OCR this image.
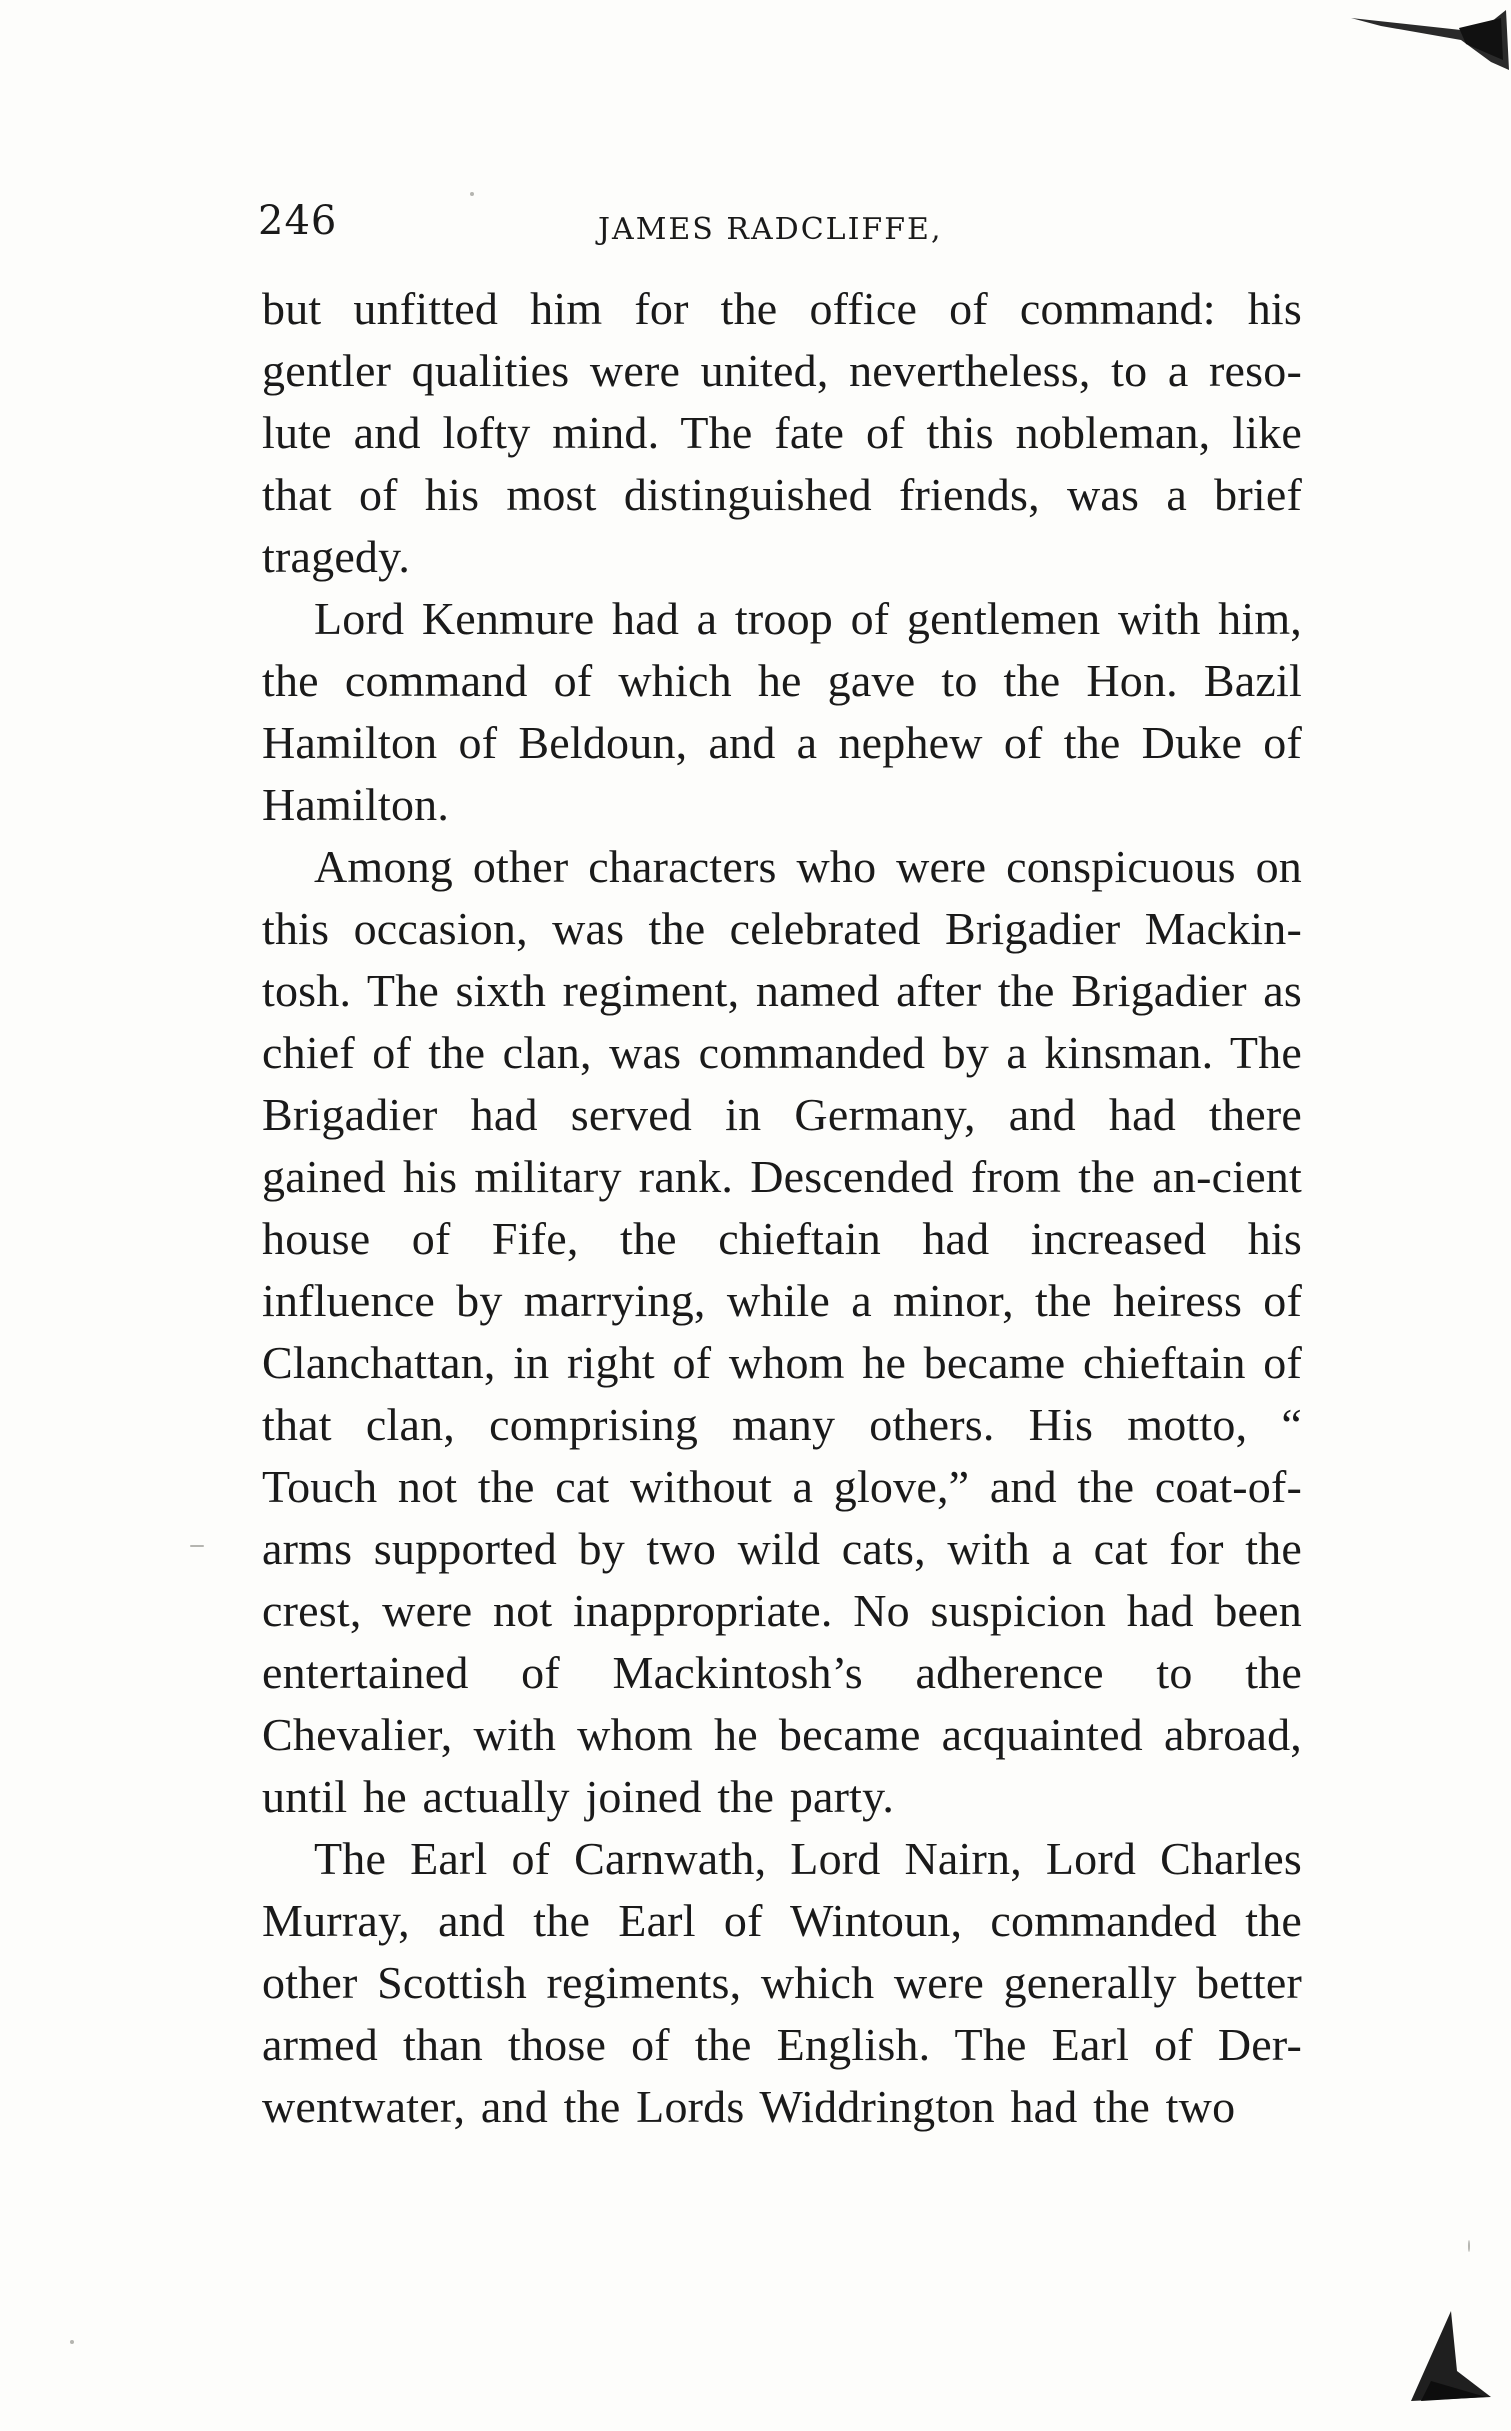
246	JAMES RADCLIFFE,

but unfitted him for the office of command: his gentler qualities were united, nevertheless, to a reso-lute and lofty mind. The fate of this nobleman, like that of his most distinguished friends, was a brief tragedy.

Lord Kenmure had a troop of gentlemen with him, the command of which he gave to the Hon. Bazil Hamilton of Beldoun, and a nephew of the Duke of Hamilton.

Among other characters who were conspicuous on this occasion, was the celebrated Brigadier Mackin-tosh. The sixth regiment, named after the Brigadier as chief of the clan, was commanded by a kinsman. The Brigadier had served in Germany, and had there gained his military rank. Descended from the an-cient house of Fife, the chieftain had increased his influence by marrying, while a minor, the heiress of Clanchattan, in right of whom he became chieftain of that clan, comprising many others. His motto, “ Touch not the cat without a glove,” and the coat-of-arms supported by two wild cats, with a cat for the crest, were not inappropriate. No suspicion had been entertained of Mackintosh’s adherence to the Chevalier, with whom he became acquainted abroad, until he actually joined the party.

The Earl of Carnwath, Lord Nairn, Lord Charles Murray, and the Earl of Wintoun, commanded the other Scottish regiments, which were generally better armed than those of the English. The Earl of Der-wentwater, and the Lords Widdrington had the two
